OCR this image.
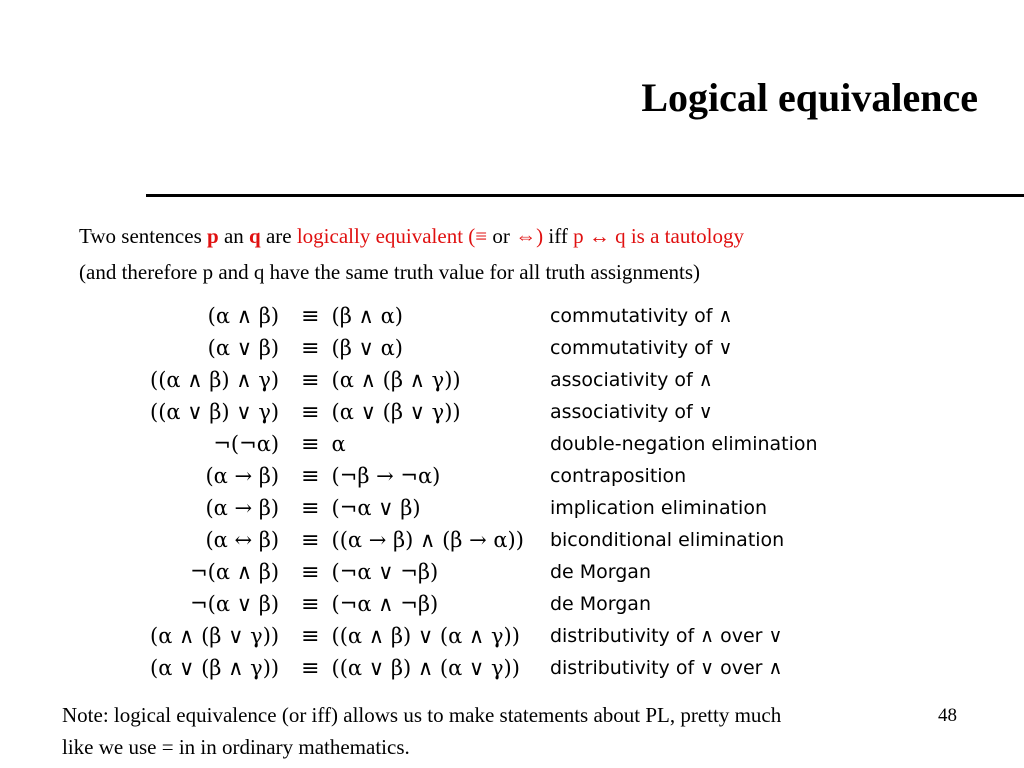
Logical equivalence
Two sentences p an q are logically equivalent (≡ or ⇔) iff p ↔ q is a tautology
(and therefore p and q have the same truth value for all truth assignments)
(α ∧ β)	≡	(β ∧ α)	commutativity of ∧
(α ∨ β)	≡	(β ∨ α)	commutativity of ∨
((α ∧ β) ∧ γ)	≡	(α ∧ (β ∧ γ))	associativity of ∧
((α ∨ β) ∨ γ)	≡	(α ∨ (β ∨ γ))	associativity of ∨
¬(¬α)	≡	α	double-negation elimination
(α → β)	≡	(¬β → ¬α)	contraposition
(α → β)	≡	(¬α ∨ β)	implication elimination
(α ↔ β)	≡	((α → β) ∧ (β → α))	biconditional elimination
¬(α ∧ β)	≡	(¬α ∨ ¬β)	de Morgan
¬(α ∨ β)	≡	(¬α ∧ ¬β)	de Morgan
(α ∧ (β ∨ γ))	≡	((α ∧ β) ∨ (α ∧ γ))	distributivity of ∧ over ∨
(α ∨ (β ∧ γ))	≡	((α ∨ β) ∧ (α ∨ γ))	distributivity of ∨ over ∧
Note: logical equivalence (or iff) allows us to make statements about PL, pretty much
like we use = in in ordinary mathematics.
48
